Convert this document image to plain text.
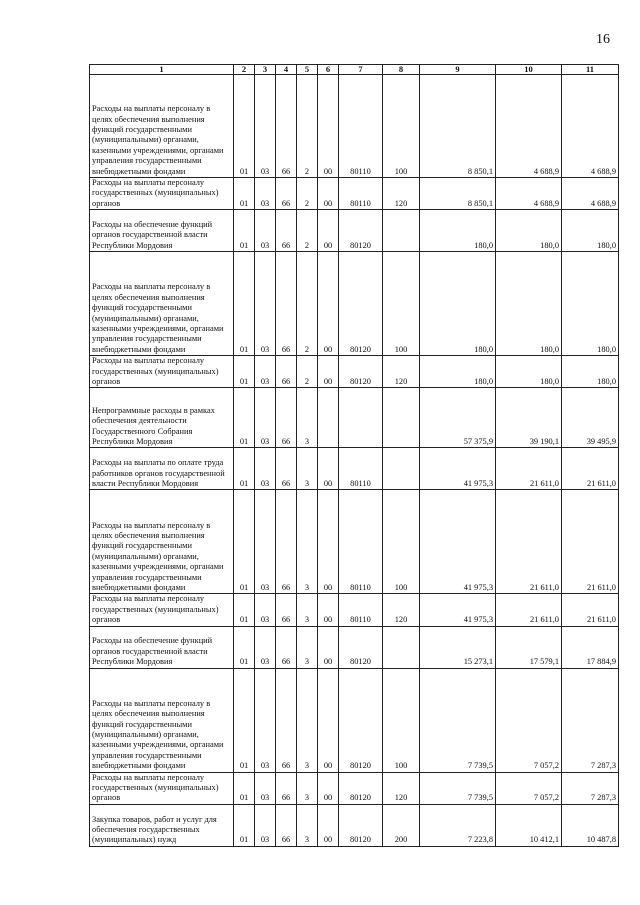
16
1	2	3	4	5	6	7	8	9	10	11

Расходы на выплаты персоналу в целях обеспечения выполнения функций государственными (муниципальными) органами, казенными учреждениями, органами управления государственными внебюджетными фондами	01	03	66	2	00	80110	100	8 850,1	4 688,9	4 688,9

Расходы на выплаты персоналу государственных (муниципальных) органов	01	03	66	2	00	80110	120	8 850,1	4 688,9	4 688,9

Расходы на обеспечение функций органов государственной власти Республики Мордовия	01	03	66	2	00	80120		180,0	180,0	180,0

Расходы на выплаты персоналу в целях обеспечения выполнения функций государственными (муниципальными) органами, казенными учреждениями, органами управления государственными внебюджетными фондами	01	03	66	2	00	80120	100	180,0	180,0	180,0

Расходы на выплаты персоналу государственных (муниципальных) органов	01	03	66	2	00	80120	120	180,0	180,0	180,0

Непрограммные расходы в рамках обеспечения деятельности Государственного Собрания Республики Мордовия	01	03	66	3				57 375,9	39 190,1	39 495,9

Расходы на выплаты по оплате труда работников органов государственной власти Республики Мордовия	01	03	66	3	00	80110		41 975,3	21 611,0	21 611,0

Расходы на выплаты персоналу в целях обеспечения выполнения функций государственными (муниципальными) органами, казенными учреждениями, органами управления государственными внебюджетными фондами	01	03	66	3	00	80110	100	41 975,3	21 611,0	21 611,0

Расходы на выплаты персоналу государственных (муниципальных) органов	01	03	66	3	00	80110	120	41 975,3	21 611,0	21 611,0

Расходы на обеспечение функций органов государственной власти Республики Мордовия	01	03	66	3	00	80120		15 273,1	17 579,1	17 884,9

Расходы на выплаты персоналу в целях обеспечения выполнения функций государственными (муниципальными) органами, казенными учреждениями, органами управления государственными внебюджетными фондами	01	03	66	3	00	80120	100	7 739,5	7 057,2	7 287,3

Расходы на выплаты персоналу государственных (муниципальных) органов	01	03	66	3	00	80120	120	7 739,5	7 057,2	7 287,3

Закупка товаров, работ и услуг для обеспечения государственных (муниципальных) нужд	01	03	66	3	00	80120	200	7 223,8	10 412,1	10 487,8
